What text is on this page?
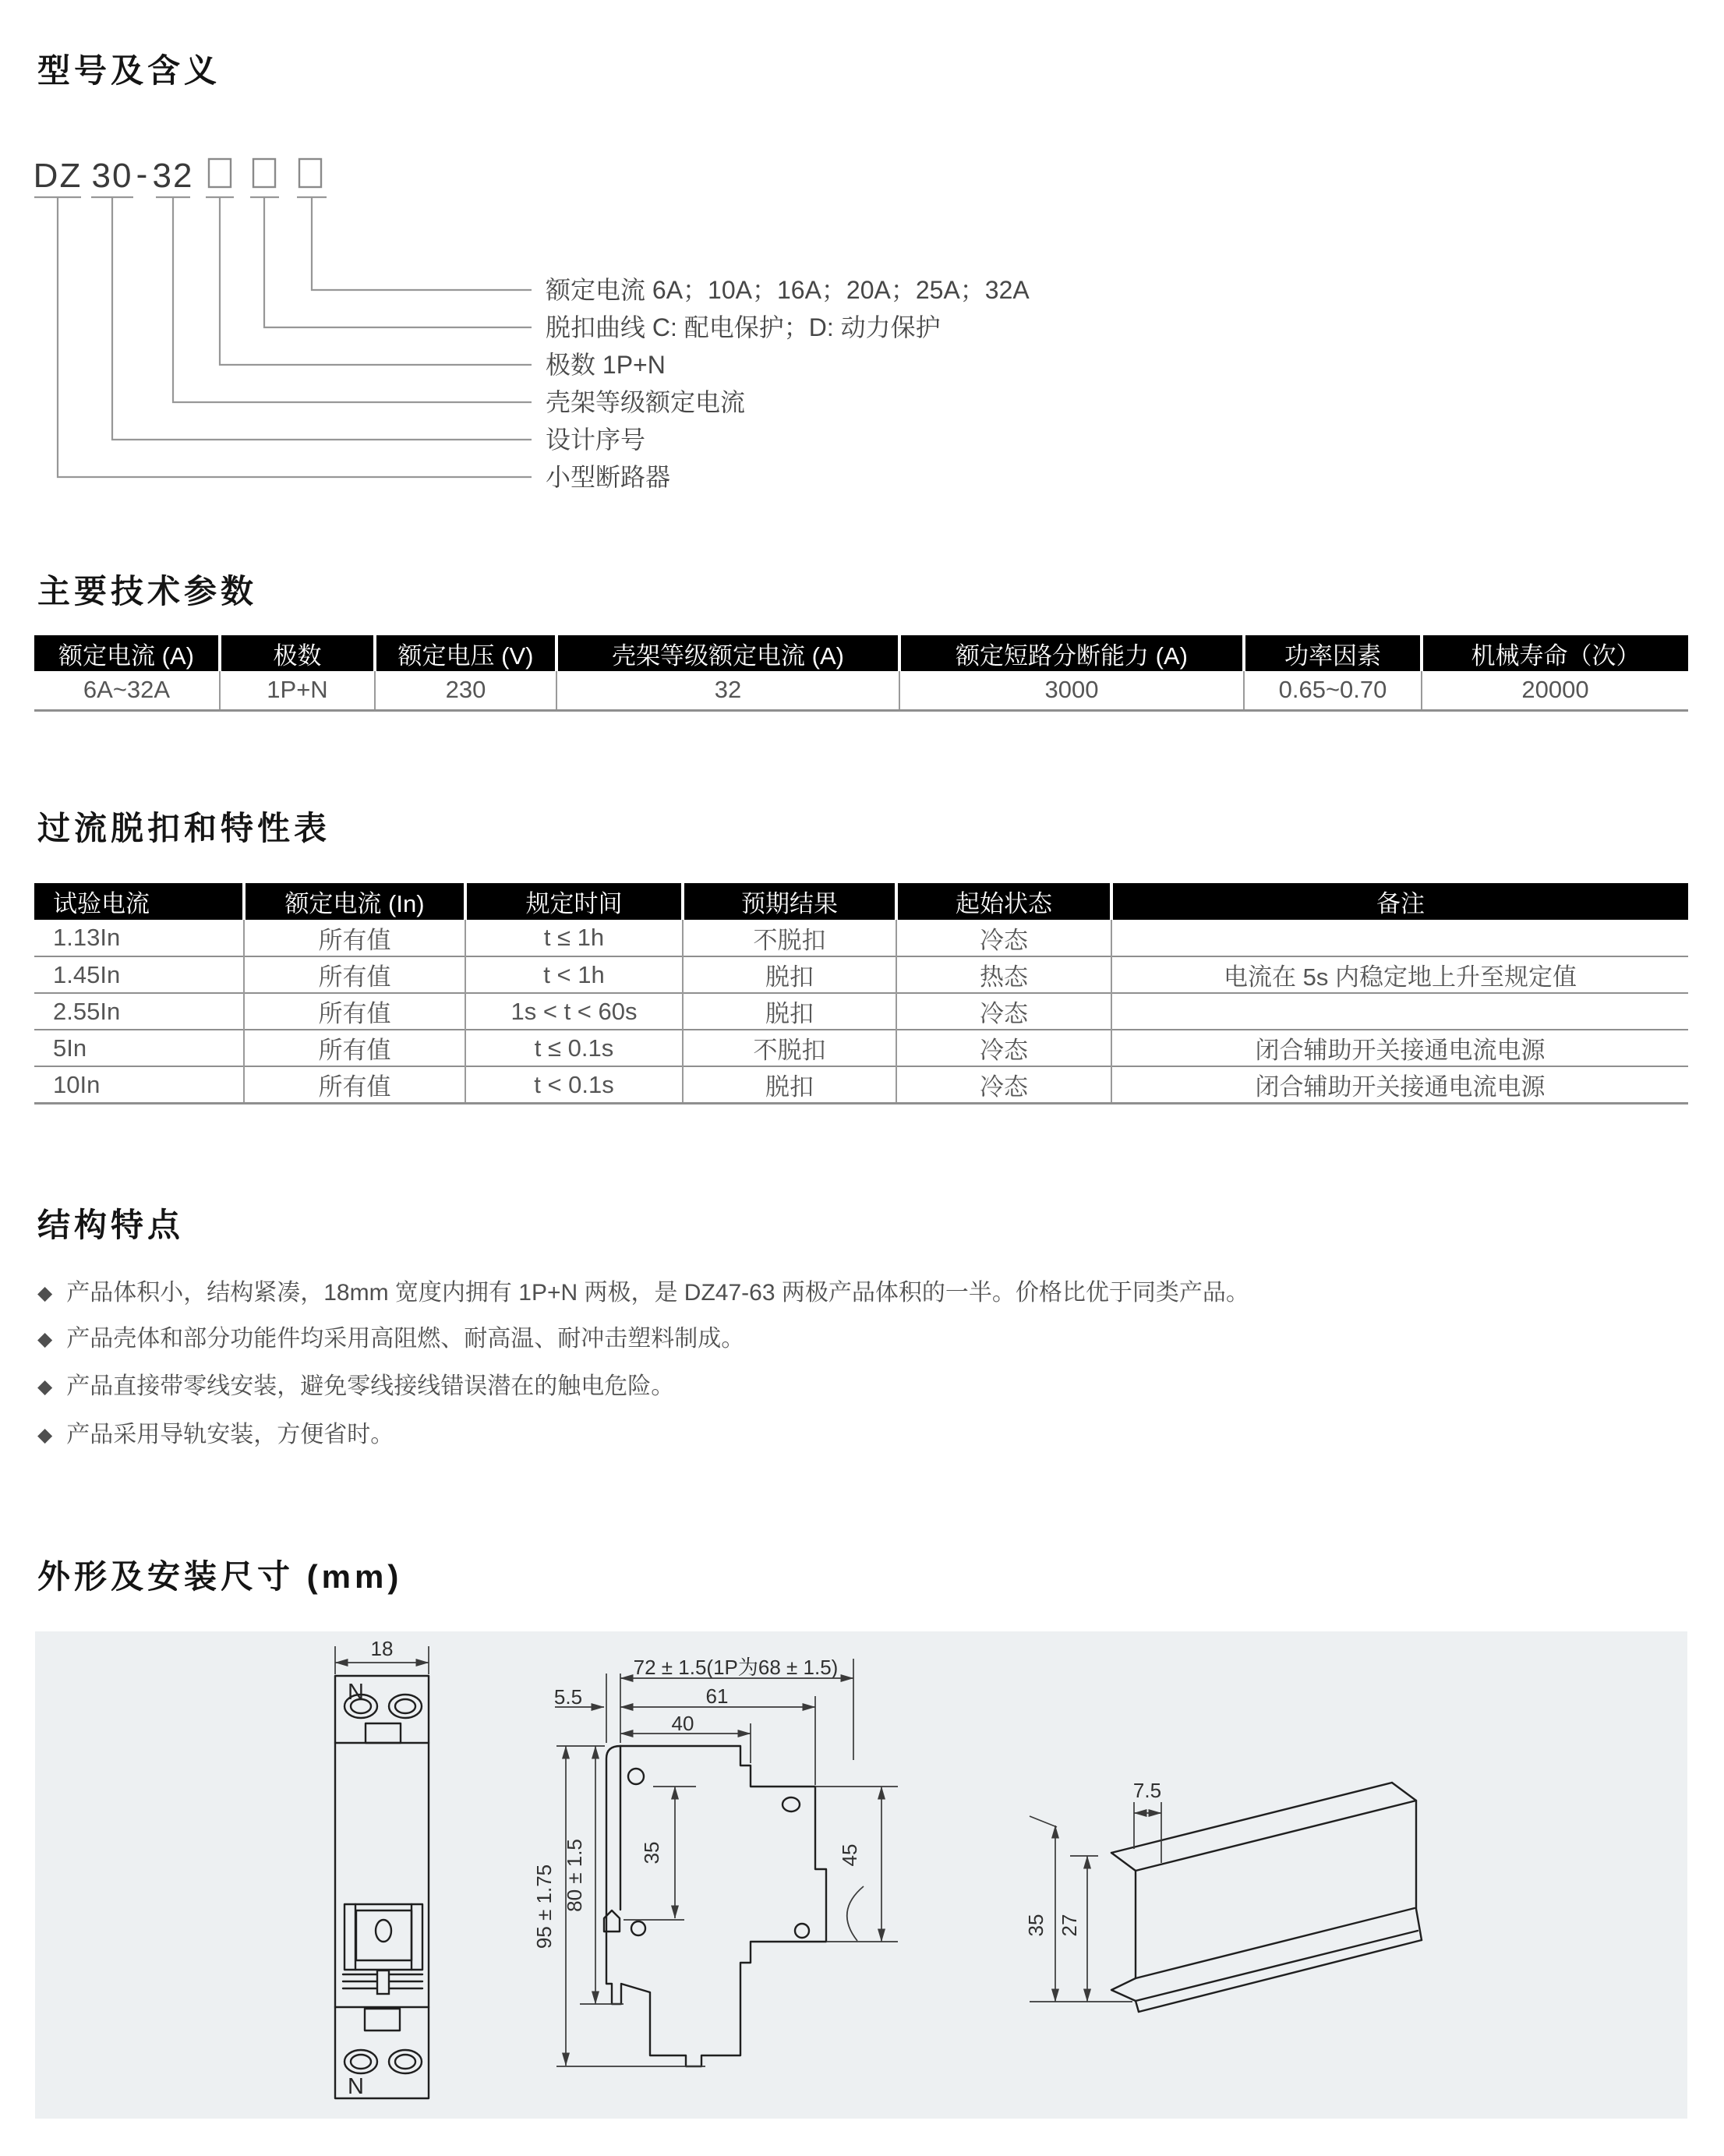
型号及含义
DZ 30 - 32
额定电流 6A；10A；16A；20A；25A；32A
脱扣曲线 C: 配电保护；D: 动力保护
极数 1P+N
壳架等级额定电流
设计序号
小型断路器
主要技术参数
额定电流 (A)	极数	额定电压 (V)	壳架等级额定电流 (A)	额定短路分断能力 (A)	功率因素	机械寿命（次）
6A~32A	1P+N	230	32	3000	0.65~0.70	20000
过流脱扣和特性表
试验电流	额定电流 (In)	规定时间	预期结果	起始状态	备注
1.13In	所有值	t ≤ 1h	不脱扣	冷态	
1.45In	所有值	t < 1h	脱扣	热态	电流在 5s 内稳定地上升至规定值
2.55In	所有值	1s < t < 60s	脱扣	冷态	
5In	所有值	t ≤ 0.1s	不脱扣	冷态	闭合辅助开关接通电流电源
10In	所有值	t < 0.1s	脱扣	冷态	闭合辅助开关接通电流电源
结构特点
◆ 产品体积小，结构紧凑，18mm 宽度内拥有 1P+N 两极，是 DZ47-63 两极产品体积的一半。价格比优于同类产品。
◆ 产品壳体和部分功能件均采用高阻燃、耐高温、耐冲击塑料制成。
◆ 产品直接带零线安装，避免零线接线错误潜在的触电危险。
◆ 产品采用导轨安装，方便省时。
外形及安装尺寸 (mm)
18
N
N
5.5
72 ± 1.5(1P为68 ± 1.5)
61
40
95 ± 1.75 80 ± 1.5	35	45
7.5
35 27
